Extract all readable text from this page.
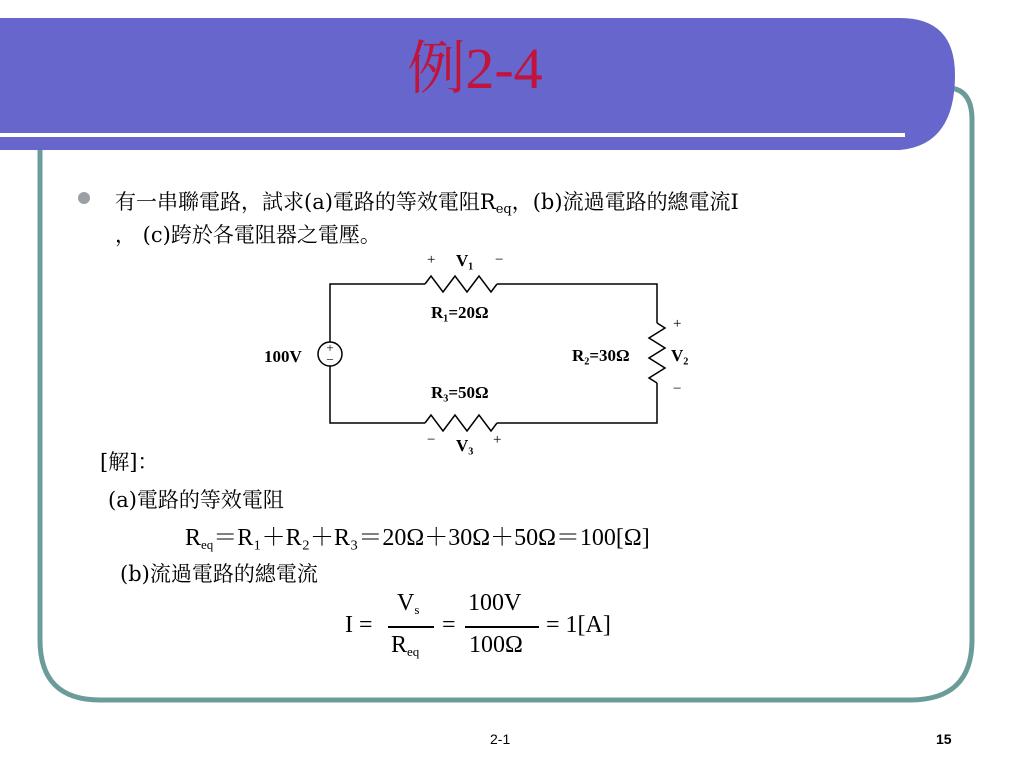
例2-4
有一串聯電路，試求(a)電路的等效電阻$R_{eq}$，(b)流過電路的總電流I
， (c)跨於各電阻器之電壓。
+
−
100V
+ V₁ −
R₁=20Ω
R₂=30Ω
+
V₂
−
R₃=50Ω
− V₃ +
[解]：
(a)電路的等效電阻
$R_{eq}=R_1+R_2+R_3=20\Omega+30\Omega+50\Omega=100[\Omega]$
(b)流過電路的總電流
I =
$V_s$
$R_{eq}$
=
100V
100Ω
= 1[A]
2-1	15
